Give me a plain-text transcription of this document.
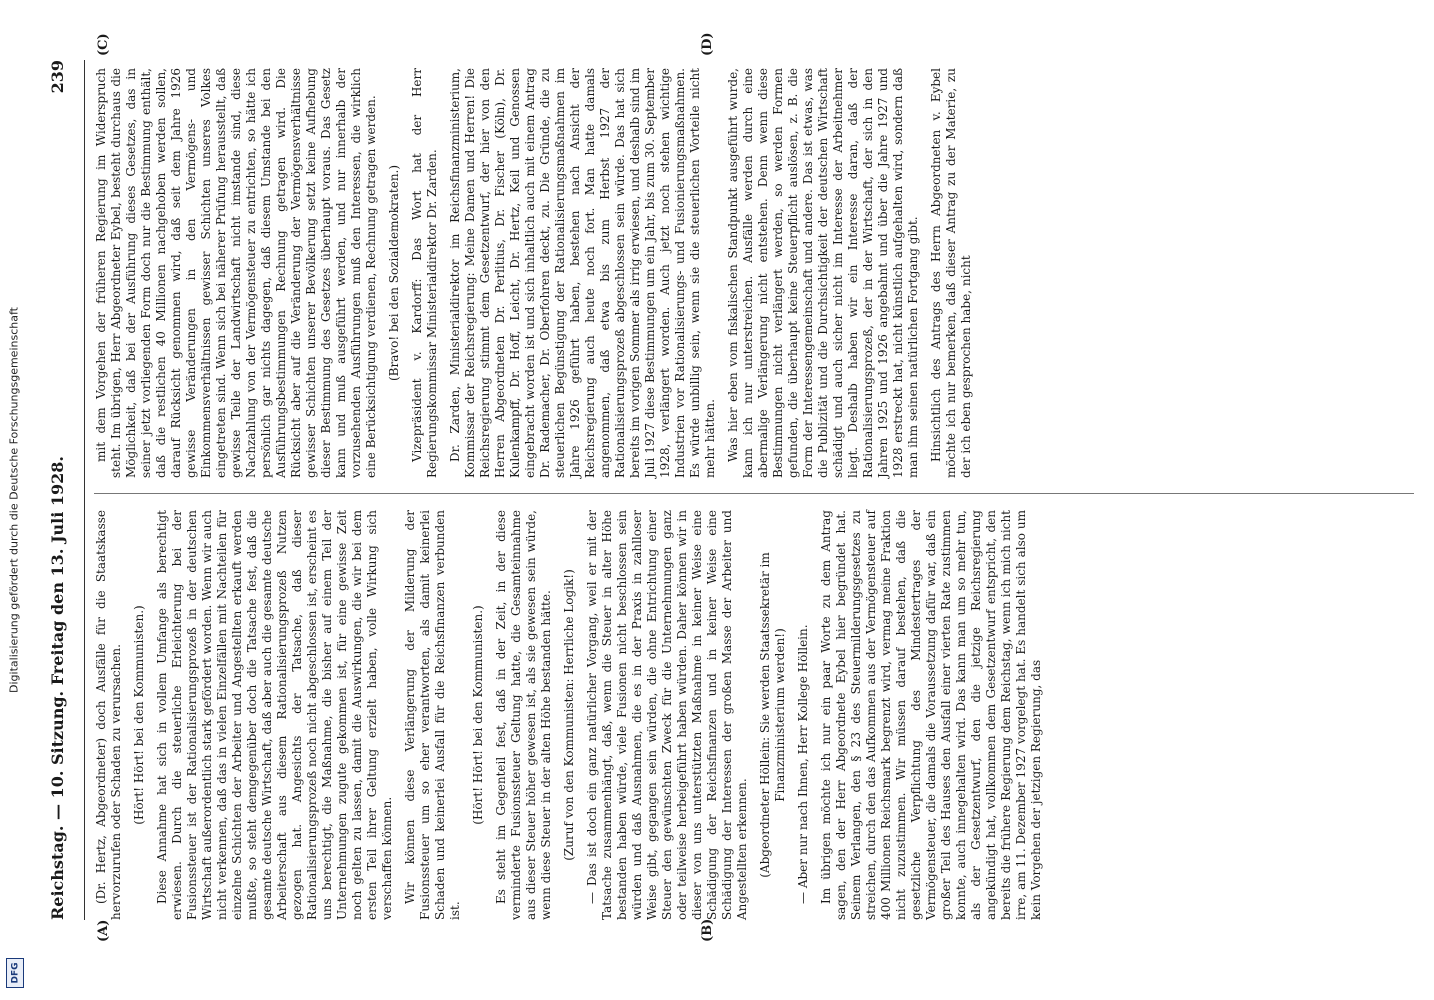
Reichstag. — 10. Sitzung. Freitag den 13. Juli 1928.
239
(A)	(B)
(C)	(D)

(Dr. Hertz, Abgeordneter) doch Ausfälle für die Staatskasse hervorzurufen oder Schaden zu verursachen. (Hört! Hört! bei den Kommunisten.) Diese Annahme hat sich in vollem Umfange als berechtigt erwiesen. Durch die steuerliche Erleichterung bei der Fusionssteuer ist der Rationalisierungsprozeß in der deutschen Wirtschaft außerordentlich stark gefördert worden. Wenn wir auch nicht verkennen, daß das in vielen Einzelfällen mit Nachteilen für einzelne Schichten der Arbeiter und Angestellten erkauft werden mußte, so steht demgegenüber doch die Tatsache fest, daß die gesamte deutsche Wirtschaft, daß aber auch die gesamte deutsche Arbeiterschaft aus diesem Rationalisierungsprozeß Nutzen gezogen hat. Angesichts der Tatsache, daß dieser Rationalisierungsprozeß noch nicht abgeschlossen ist, erscheint es uns berechtigt, die Maßnahme, die bisher auf einem Teil der Unternehmungen zugute gekommen ist, für eine gewisse Zeit noch gelten zu lassen, damit die Auswirkungen, die wir bei dem ersten Teil ihrer Geltung erzielt haben, volle Wirkung sich verschaffen können. Wir können diese Verlängerung der Milderung der Fusionssteuer um so eher verantworten, als damit keinerlei Schaden und keinerlei Ausfall für die Reichsfinanzen verbunden ist.

(Hört! Hört! bei den Kommunisten.) Es steht im Gegenteil fest, daß in der Zeit, in der diese verminderte Fusionssteuer Geltung hatte, die Gesamteinnahme aus dieser Steuer höher gewesen ist, als sie gewesen sein würde, wenn diese Steuer in der alten Höhe bestanden hätte. (Zuruf von den Kommunisten: Herrliche Logik!) — Das ist doch ein ganz natürlicher Vorgang, weil er mit der Tatsache zusammenhängt, daß, wenn die Steuer in alter Höhe bestanden haben würde, viele Fusionen nicht beschlossen sein würden und daß Ausnahmen, die es in der Praxis in zahlloser Weise gibt, gegangen sein würden, die ohne Entrichtung einer Steuer den gewünschten Zweck für die Unternehmungen ganz oder teilweise herbeigeführt haben würden. Daher können wir in dieser von uns unterstützten Maßnahme in keiner Weise eine Schädigung der Reichsfinanzen und in keiner Weise eine Schädigung der Interessen der großen Masse der Arbeiter und Angestellten erkennen. (Abgeordneter Höllein: Sie werden Staatssekretär im Finanzministerium werden!) — Aber nur nach Ihnen, Herr Kollege Höllein. Im übrigen möchte ich nur ein paar Worte zu dem Antrag sagen, den der Herr Abgeordnete Eybel hier begründet hat. Seinem Verlangen, den § 23 des Steuermilderungsgesetzes zu streichen, durch den das Aufkommen aus der Vermögensteuer auf 400 Millionen Reichsmark begrenzt wird, vermag meine Fraktion nicht zuzustimmen. Wir müssen darauf bestehen, daß die gesetzliche Verpflichtung des Mindestertrages der Vermögensteuer, die damals die Voraussetzung dafür war, daß ein großer Teil des Hauses den Ausfall einer vierten Rate zustimmen konnte, auch innegehalten wird. Das kann man um so mehr tun, als der Gesetzentwurf, den die jetzige Reichsregierung angekündigt hat, vollkommen dem Gesetzentwurf entspricht, den bereits die frühere Regierung dem Reichstag, wenn ich mich nicht irre, am 11. Dezember 1927 vorgelegt hat. Es handelt sich also um kein Vorgehen der jetzigen Regierung, das

mit dem Vorgehen der früheren Regierung im Widerspruch steht. Im übrigen, Herr Abgeordneter Eybel, besteht durchaus die Möglichkeit, daß bei der Ausführung dieses Gesetzes, das in seiner jetzt vorliegenden Form doch nur die Bestimmung enthält, daß die restlichen 40 Millionen nachgehoben werden sollen, darauf Rücksicht genommen wird, daß seit dem Jahre 1926 gewisse Veränderungen in den Vermögens- und Einkommensverhältnissen gewisser Schichten unseres Volkes eingetreten sind. Wenn sich bei näherer Prüfung herausstellt, daß gewisse Teile der Landwirtschaft nicht imstande sind, diese Nachzahlung von der Vermögensteuer zu entrichten, so hätte ich persönlich gar nichts dagegen, daß diesem Umstande bei den Ausführungsbestimmungen Rechnung getragen wird. Die Rücksicht aber auf die Veränderung der Vermögensverhältnisse gewisser Schichten unserer Bevölkerung setzt keine Aufhebung dieser Bestimmung des Gesetzes überhaupt voraus. Das Gesetz kann und muß ausgeführt werden, und nur innerhalb der vorzusehenden Ausführungen muß den Interessen, die wirklich eine Berücksichtigung verdienen, Rechnung getragen werden. (Bravo! bei den Sozialdemokraten.) Vizepräsident v. Kardorff: Das Wort hat der Herr Regierungskommissar Ministerialdirektor Dr. Zarden. Dr. Zarden, Ministerialdirektor im Reichsfinanzministerium, Kommissar der Reichsregierung: Meine Damen und Herren! Die Reichsregierung stimmt dem Gesetzentwurf, der hier von den Herren Abgeordneten Dr. Perlitius, Dr. Fischer (Köln), Dr. Kulenkampff, Dr. Hoff, Leicht, Dr. Hertz, Keil und Genossen eingebracht worden ist und sich inhaltlich auch mit einem Antrag Dr. Rademacher, Dr. Oberfohren deckt, zu. Die Gründe, die zu steuerlichen Begünstigung der Rationalisierungsmaßnahmen im Jahre 1926 geführt haben, bestehen nach Ansicht der Reichsregierung auch heute noch fort. Man hatte damals angenommen, daß etwa bis zum Herbst 1927 der Rationalisierungsprozeß abgeschlossen sein würde. Das hat sich bereits im vorigen Sommer als irrig erwiesen, und deshalb sind im Juli 1927 diese Bestimmungen um ein Jahr, bis zum 30. September 1928, verlängert worden. Auch jetzt noch stehen wichtige Industrien vor Rationalisierungs- und Fusionierungsmaßnahmen. Es würde unbillig sein, wenn sie die steuerlichen Vorteile nicht mehr hätten. Was hier eben vom fiskalischen Standpunkt ausgeführt wurde, kann ich nur unterstreichen. Ausfälle werden durch eine abermalige Verlängerung nicht entstehen. Denn wenn diese Bestimmungen nicht verlängert werden, so werden Formen gefunden, die überhaupt keine Steuerpflicht auslösen, z. B. die Form der Interessengemeinschaft und andere. Das ist etwas, was die Publizität und die Durchsichtigkeit der deutschen Wirtschaft schädigt und auch sicher nicht im Interesse der Arbeitnehmer liegt. Deshalb haben wir ein Interesse daran, daß der Rationalisierungsprozeß, der in der Wirtschaft, der sich in den Jahren 1925 und 1926 angebahnt und über die Jahre 1927 und 1928 erstreckt hat, nicht künstlich aufgehalten wird, sondern daß man ihm seinen natürlichen Fortgang gibt. Hinsichtlich des Antrags des Herrn Abgeordneten v. Eybel möchte ich nur bemerken, daß dieser Antrag zu der Materie, zu der ich eben gesprochen habe, nicht

Digitalisierung gefördert durch die Deutsche Forschungsgemeinschaft
DFG
